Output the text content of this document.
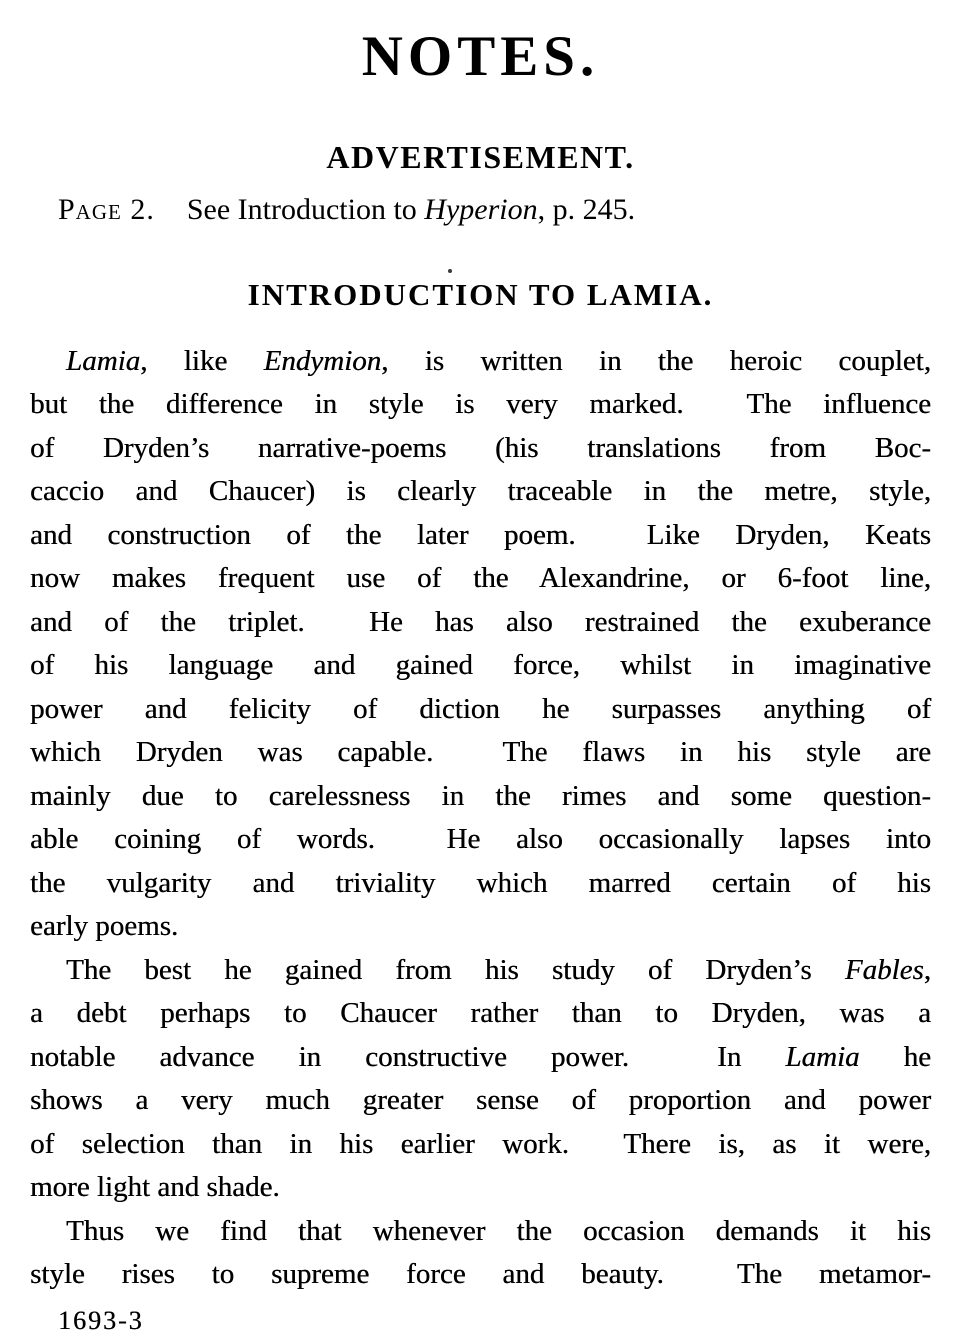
NOTES.
ADVERTISEMENT.

Page 2. See Introduction to Hyperion, p. 245.

INTRODUCTION TO LAMIA.
Lamia, like Endymion, is written in the heroic couplet,
but the difference in style is very marked.  The influence
of Dryden’s narrative-poems (his translations from Boc-
caccio and Chaucer) is clearly traceable in the metre, style,
and construction of the later poem.  Like Dryden, Keats
now makes frequent use of the Alexandrine, or 6-foot line,
and of the triplet.  He has also restrained the exuberance
of his language and gained force, whilst in imaginative
power and felicity of diction he surpasses anything of
which Dryden was capable.  The flaws in his style are
mainly due to carelessness in the rimes and some question-
able coining of words.  He also occasionally lapses into
the vulgarity and triviality which marred certain of his
early poems.
The best he gained from his study of Dryden’s Fables,
a debt perhaps to Chaucer rather than to Dryden, was a
notable advance in constructive power.  In Lamia he
shows a very much greater sense of proportion and power
of selection than in his earlier work.  There is, as it were,
more light and shade.
Thus we find that whenever the occasion demands it his
style rises to supreme force and beauty.  The metamor-
1693-3
